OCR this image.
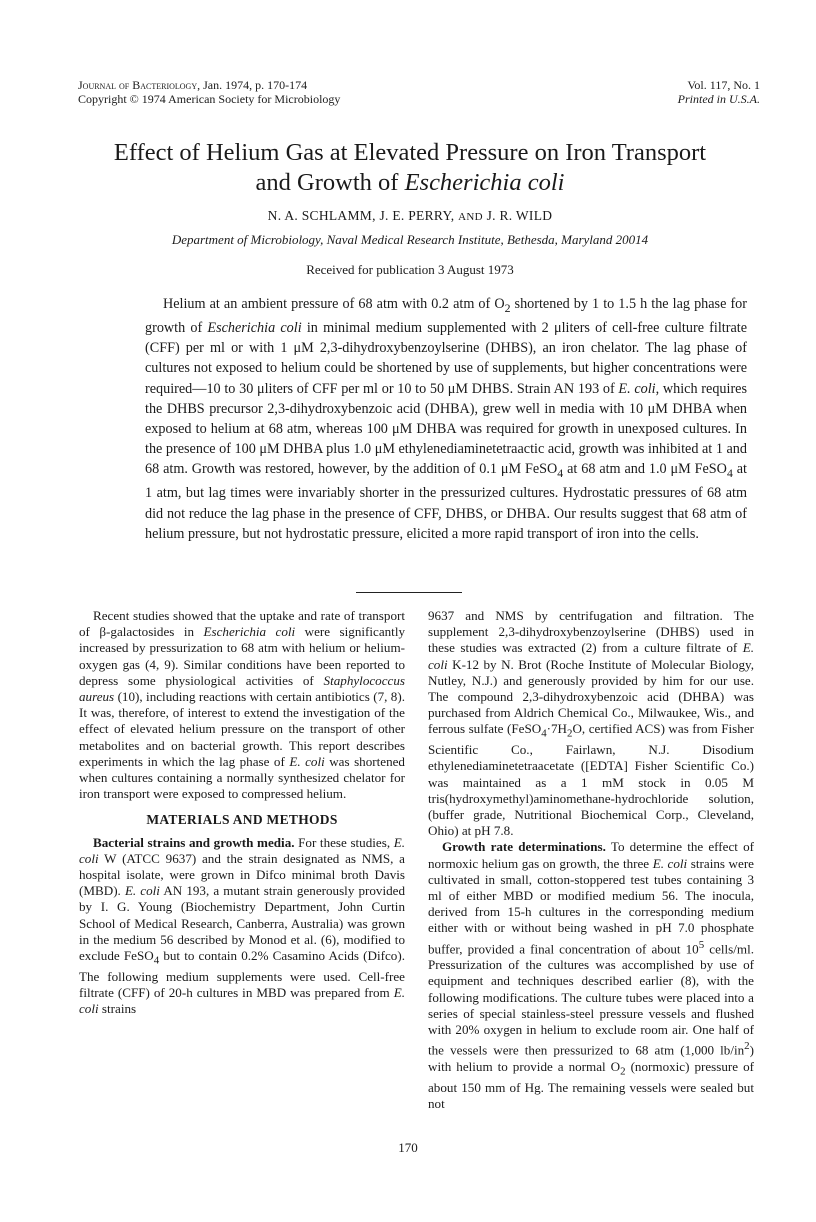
Journal of Bacteriology, Jan. 1974, p. 170-174
Copyright © 1974 American Society for Microbiology
Vol. 117, No. 1
Printed in U.S.A.
Effect of Helium Gas at Elevated Pressure on Iron Transport
and Growth of Escherichia coli
N. A. SCHLAMM, J. E. PERRY, AND J. R. WILD
Department of Microbiology, Naval Medical Research Institute, Bethesda, Maryland 20014
Received for publication 3 August 1973

Helium at an ambient pressure of 68 atm with 0.2 atm of $O_2$ shortened by 1 to 1.5 h the lag phase for growth of Escherichia coli in minimal medium supplemented with 2 μliters of cell-free culture filtrate (CFF) per ml or with 1 μM 2,3-dihydroxybenzoylserine (DHBS), an iron chelator. The lag phase of cultures not exposed to helium could be shortened by use of supplements, but higher concentrations were required—10 to 30 μliters of CFF per ml or 10 to 50 μM DHBS. Strain AN 193 of E. coli, which requires the DHBS precursor 2,3-dihydroxybenzoic acid (DHBA), grew well in media with 10 μM DHBA when exposed to helium at 68 atm, whereas 100 μM DHBA was required for growth in unexposed cultures. In the presence of 100 μM DHBA plus 1.0 μM ethylenediaminetetraactic acid, growth was inhibited at 1 and 68 atm. Growth was restored, however, by the addition of 0.1 μM FeSO$_4$ at 68 atm and 1.0 μM FeSO$_4$ at 1 atm, but lag times were invariably shorter in the pressurized cultures. Hydrostatic pressures of 68 atm did not reduce the lag phase in the presence of CFF, DHBS, or DHBA. Our results suggest that 68 atm of helium pressure, but not hydrostatic pressure, elicited a more rapid transport of iron into the cells.

Recent studies showed that the uptake and rate of transport of β-galactosides in Escherichia coli were significantly increased by pressurization to 68 atm with helium or helium-oxygen gas (4, 9). Similar conditions have been reported to depress some physiological activities of Staphylococcus aureus (10), including reactions with certain antibiotics (7, 8). It was, therefore, of interest to extend the investigation of the effect of elevated helium pressure on the transport of other metabolites and on bacterial growth. This report describes experiments in which the lag phase of E. coli was shortened when cultures containing a normally synthesized chelator for iron transport were exposed to compressed helium.

MATERIALS AND METHODS

Bacterial strains and growth media. For these studies, E. coli W (ATCC 9637) and the strain designated as NMS, a hospital isolate, were grown in Difco minimal broth Davis (MBD). E. coli AN 193, a mutant strain generously provided by I. G. Young (Biochemistry Department, John Curtin School of Medical Research, Canberra, Australia) was grown in the medium 56 described by Monod et al. (6), modified to exclude FeSO$_4$ but to contain 0.2% Casamino Acids (Difco). The following medium supplements were used. Cell-free filtrate (CFF) of 20-h cultures in MBD was prepared from E. coli strains

9637 and NMS by centrifugation and filtration. The supplement 2,3-dihydroxybenzoylserine (DHBS) used in these studies was extracted (2) from a culture filtrate of E. coli K-12 by N. Brot (Roche Institute of Molecular Biology, Nutley, N.J.) and generously provided by him for our use. The compound 2,3-dihydroxybenzoic acid (DHBA) was purchased from Aldrich Chemical Co., Milwaukee, Wis., and ferrous sulfate ($FeSO_4\cdot 7H_2O$, certified ACS) was from Fisher Scientific Co., Fairlawn, N.J. Disodium ethylenediaminetetraacetate ([EDTA] Fisher Scientific Co.) was maintained as a 1 mM stock in 0.05 M tris(hydroxymethyl)aminomethane-hydrochloride solution, (buffer grade, Nutritional Biochemical Corp., Cleveland, Ohio) at pH 7.8.

Growth rate determinations. To determine the effect of normoxic helium gas on growth, the three E. coli strains were cultivated in small, cotton-stoppered test tubes containing 3 ml of either MBD or modified medium 56. The inocula, derived from 15-h cultures in the corresponding medium either with or without being washed in pH 7.0 phosphate buffer, provided a final concentration of about $10^5$ cells/ml. Pressurization of the cultures was accomplished by use of equipment and techniques described earlier (8), with the following modifications. The culture tubes were placed into a series of special stainless-steel pressure vessels and flushed with 20% oxygen in helium to exclude room air. One half of the vessels were then pressurized to 68 atm (1,000 $lb/in^2$) with helium to provide a normal $O_2$ (normoxic) pressure of about 150 mm of Hg. The remaining vessels were sealed but not

170
